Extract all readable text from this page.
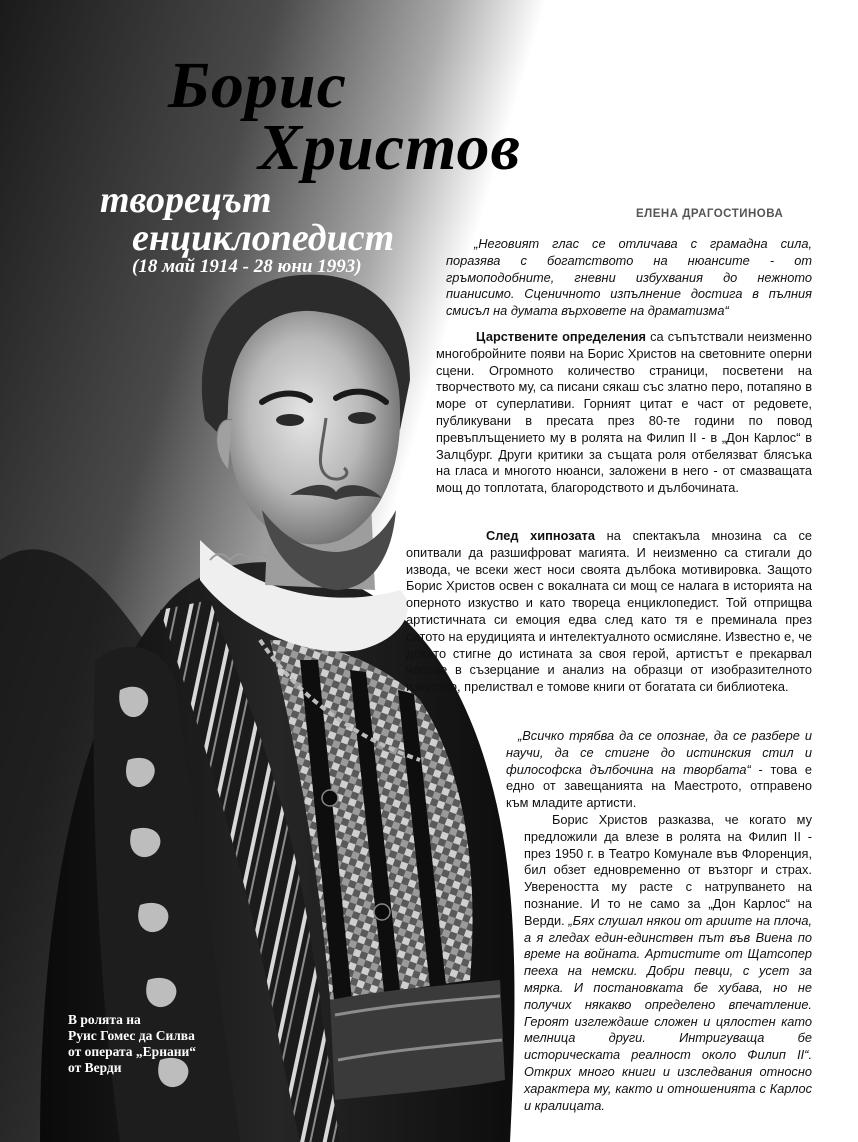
Борис
Христов
творецът
енциклопедист
(18 май 1914 - 28 юни 1993)
ЕЛЕНА ДРАГОСТИНОВА

„Неговият глас се отличава с грамадна сила, поразява с богатството на нюансите - от гръмоподобните, гневни избухвания до нежното пианисимо. Сценичното изпълнение достига в пълния смисъл на думата върховете на драматизма“

Царствените определения са съпътствали неизменно многобройните появи на Борис Христов на световните оперни сцени. Огромното количество страници, посветени на творчеството му, са писани сякаш със златно перо, потапяно в море от суперлативи. Горният цитат е част от редовете, публикувани в пресата през 80-те години по повод превъплъщението му в ролята на Филип II - в „Дон Карлос“ в Залцбург. Други критики за същата роля отбелязват блясъка на гласа и многото нюанси, заложени в него - от смазващата мощ до топлотата, благородството и дълбочината.

След хипнозата на спектакъла мнозина са се опитвали да разшифроват магията. И неизменно са стигали до извода, че всеки жест носи своята дълбока мотивировка. Защото Борис Христов освен с вокалната си мощ се налага в историята на оперното изкуство и като твореца енциклопедист. Той отприщва артистичната си емоция едва след като тя е преминала през ситото на ерудицията и интелектуалното осмисляне. Известно е, че докато стигне до истината за своя герой, артистът е прекарвал часове в съзерцание и анализ на образци от изобразителното изкуство, прелиствал е томове книги от богатата си библиотека.

„Всичко трябва да се опознае, да се разбере и научи, да се стигне до истинския стил и философска дълбочина на творбата“ - това е едно от завещанията на Маестрото, отправено към младите артисти.

Борис Христов разказва, че когато му предложили да влезе в ролята на Филип II - през 1950 г. в Театро Комунале във Флоренция, бил обзет едновременно от възторг и страх. Увереността му расте с натрупването на познание. И то не само за „Дон Карлос“ на Верди. „Бях слушал някои от ариите на плоча, а я гледах един-единствен път във Виена по време на войната. Артистите от Щатсопер пееха на немски. Добри певци, с усет за мярка. И постановката бе хубава, но не получих някакво определено впечатление. Героят изглеждаше сложен и цялостен като мелница други. Интригуваща бе историческата реалност около Филип II“. Открих много книги и изследвания относно характера му, както и отношенията с Карлос и кралицата.

В ролята на
Руис Гомес да Силва
от операта „Ернани“
от Верди
